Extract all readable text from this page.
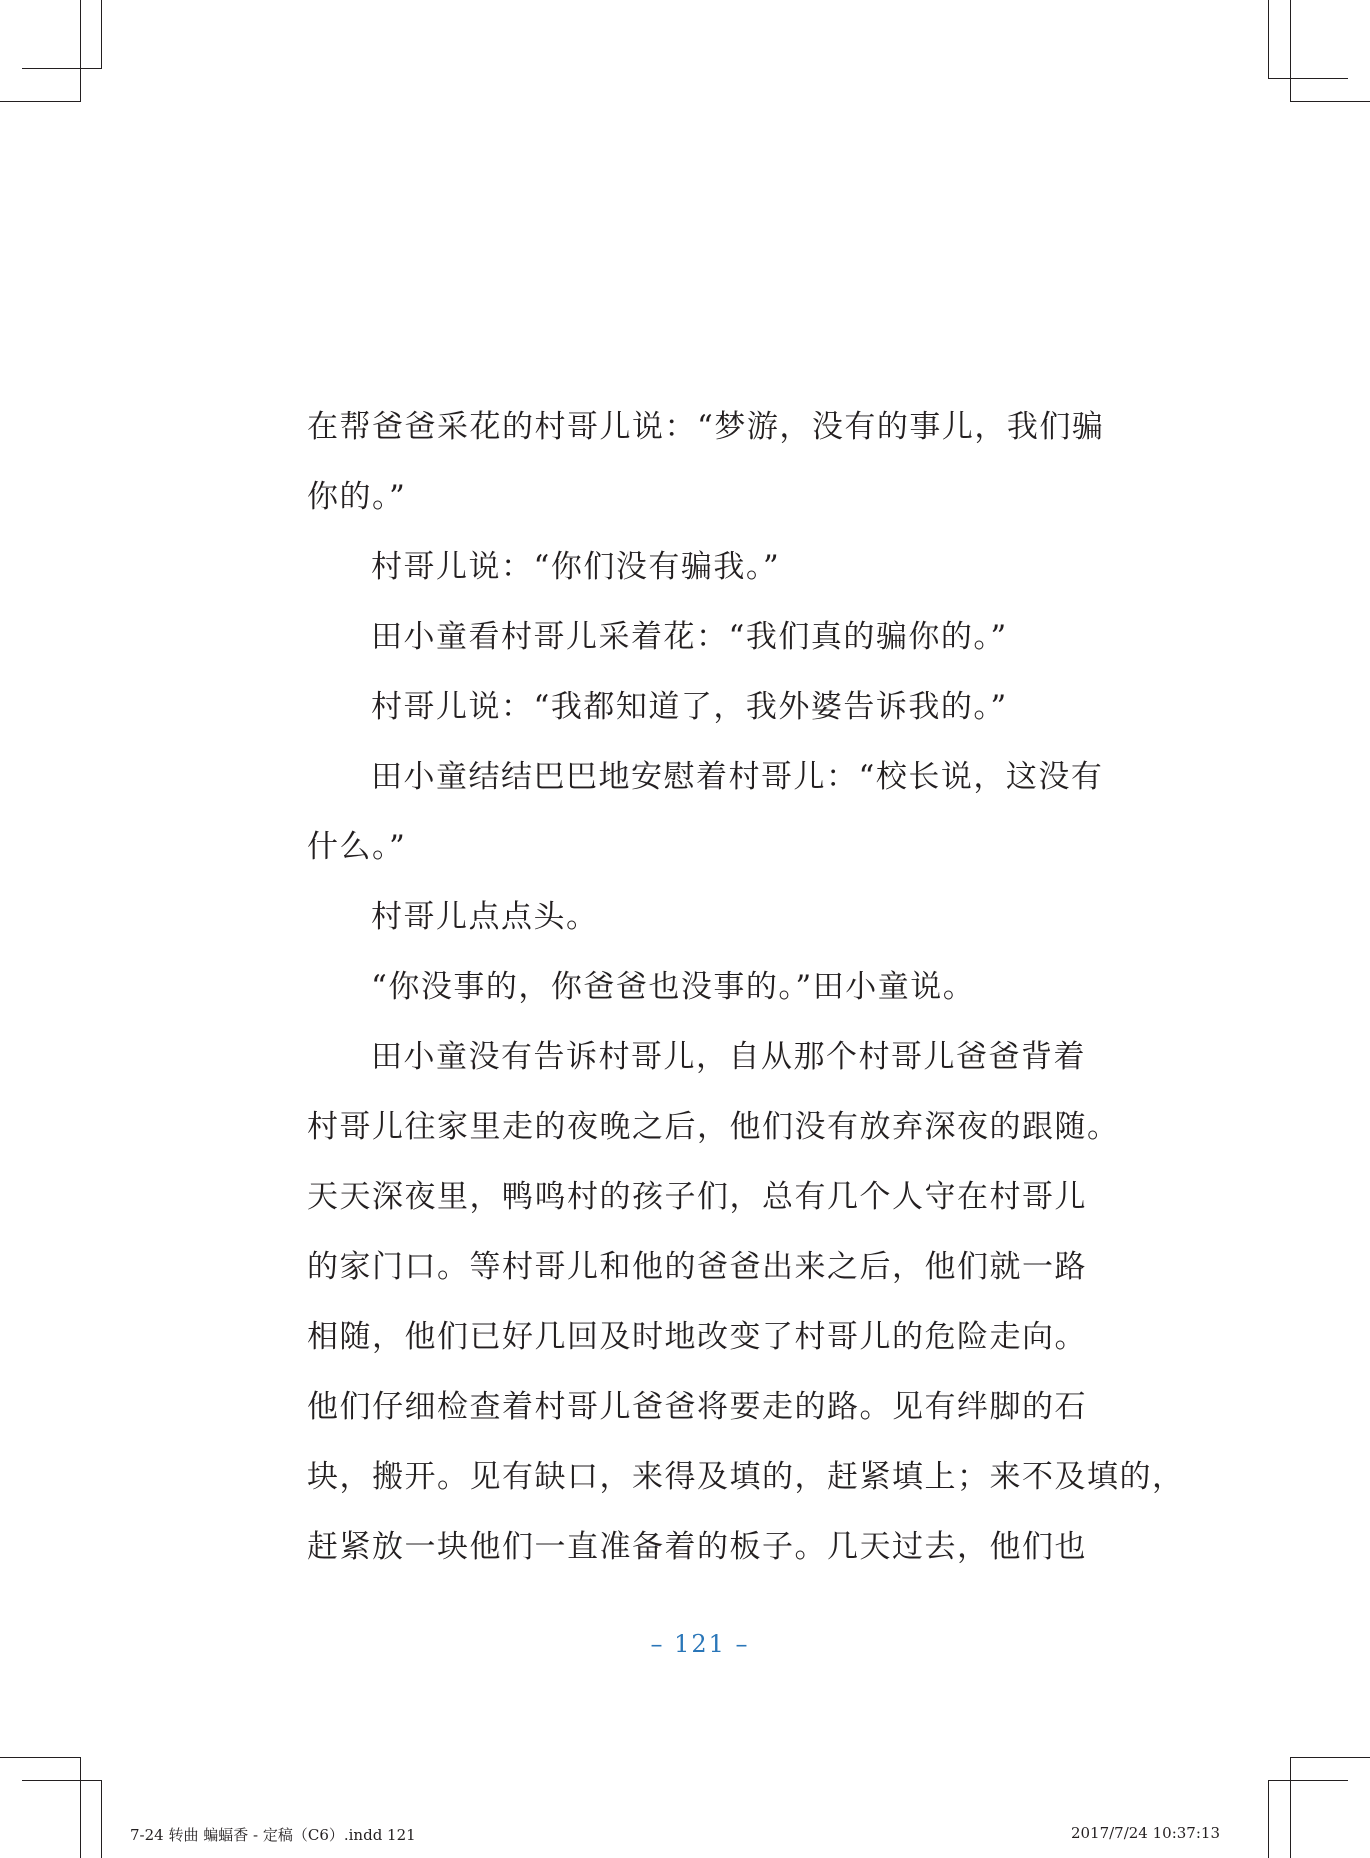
在帮爸爸采花的村哥儿说：“梦游，没有的事儿，我们骗
你的。”
村哥儿说：“你们没有骗我。”
田小童看村哥儿采着花：“我们真的骗你的。”
村哥儿说：“我都知道了，我外婆告诉我的。”
田小童结结巴巴地安慰着村哥儿：“校长说，这没有
什么。”
村哥儿点点头。
“你没事的，你爸爸也没事的。”田小童说。
田小童没有告诉村哥儿，自从那个村哥儿爸爸背着
村哥儿往家里走的夜晚之后，他们没有放弃深夜的跟随。
天天深夜里，鸭鸣村的孩子们，总有几个人守在村哥儿
的家门口。等村哥儿和他的爸爸出来之后，他们就一路
相随，他们已好几回及时地改变了村哥儿的危险走向。
他们仔细检查着村哥儿爸爸将要走的路。见有绊脚的石
块，搬开。见有缺口，来得及填的，赶紧填上；来不及填的，
赶紧放一块他们一直准备着的板子。几天过去，他们也
– 121 –
7-24 转曲 蝙蝠香 - 定稿（C6）.indd 121	2017/7/24 10:37:13
